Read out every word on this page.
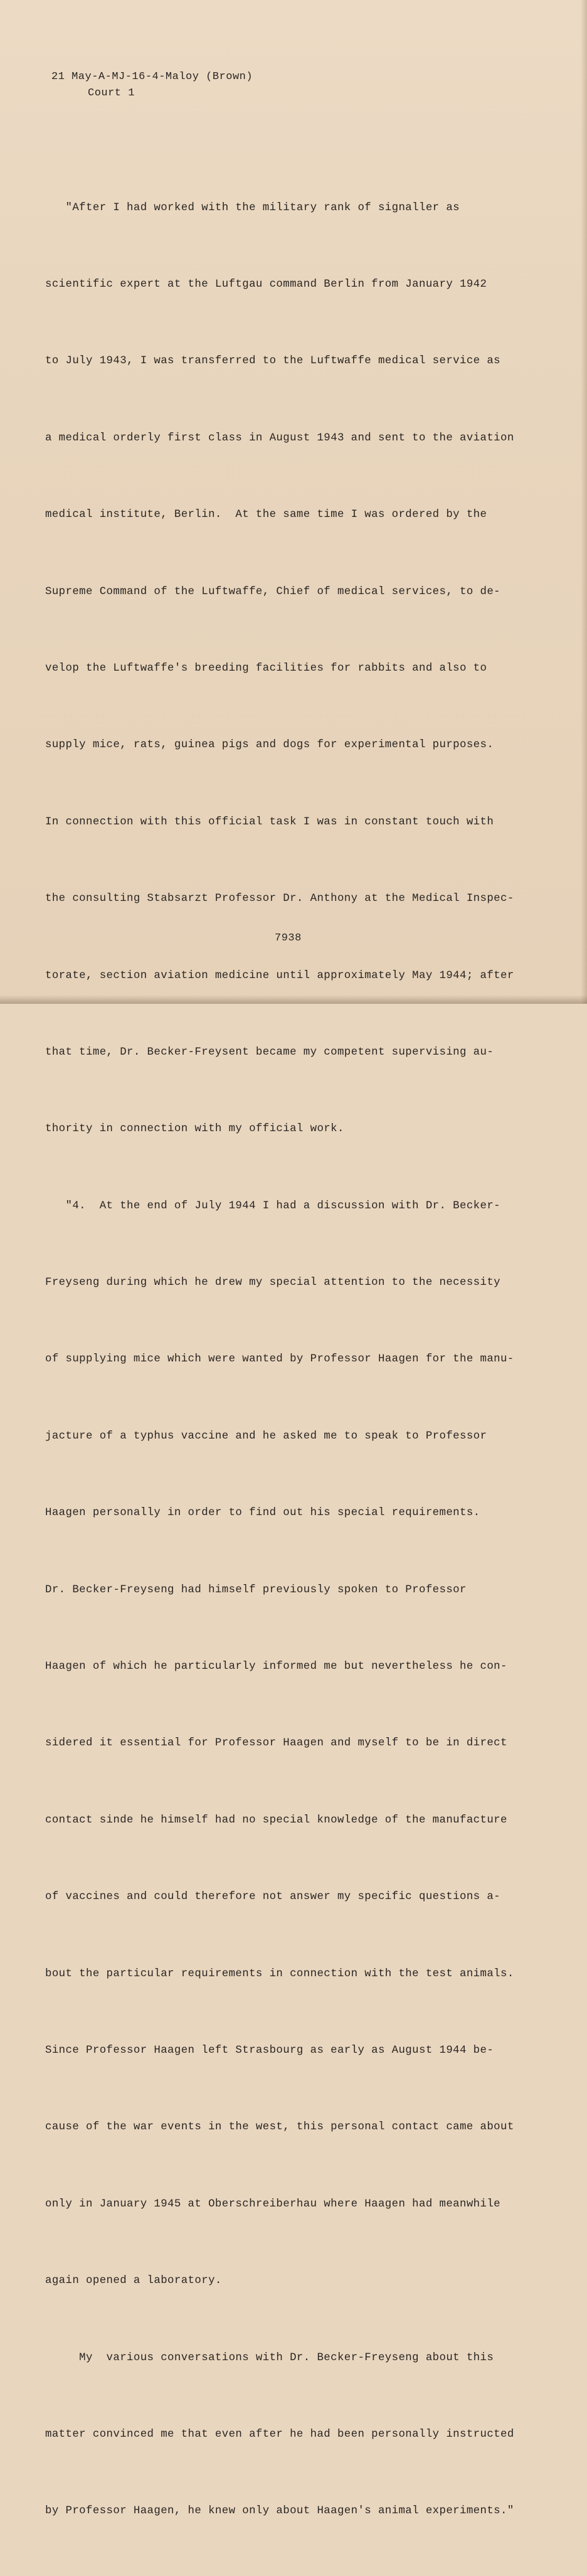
21 May-A-MJ-16-4-Maloy (Brown)
Court 1

"After I had worked with the military rank of signaller as

scientific expert at the Luftgau command Berlin from January 1942

to July 1943, I was transferred to the Luftwaffe medical service as

a medical orderly first class in August 1943 and sent to the aviation

medical institute, Berlin.  At the same time I was ordered by the

Supreme Command of the Luftwaffe, Chief of medical services, to de-

velop the Luftwaffe's breeding facilities for rabbits and also to

supply mice, rats, guinea pigs and dogs for experimental purposes.

In connection with this official task I was in constant touch with

the consulting Stabsarzt Professor Dr. Anthony at the Medical Inspec-

torate, section aviation medicine until approximately May 1944; after

that time, Dr. Becker-Freysent became my competent supervising au-

thority in connection with my official work.

"4.  At the end of July 1944 I had a discussion with Dr. Becker-

Freyseng during which he drew my special attention to the necessity

of supplying mice which were wanted by Professor Haagen for the manu-

jacture of a typhus vaccine and he asked me to speak to Professor

Haagen personally in order to find out his special requirements.

Dr. Becker-Freyseng had himself previously spoken to Professor

Haagen of which he particularly informed me but nevertheless he con-

sidered it essential for Professor Haagen and myself to be in direct

contact sinde he himself had no special knowledge of the manufacture

of vaccines and could therefore not answer my specific questions a-

bout the particular requirements in connection with the test animals.

Since Professor Haagen left Strasbourg as early as August 1944 be-

cause of the war events in the west, this personal contact came about

only in January 1945 at Oberschreiberhau where Haagen had meanwhile

again opened a laboratory.

My  various conversations with Dr. Becker-Freyseng about this

matter convinced me that even after he had been personally instructed

by Professor Haagen, he knew only about Haagen's animal experiments."

7938
